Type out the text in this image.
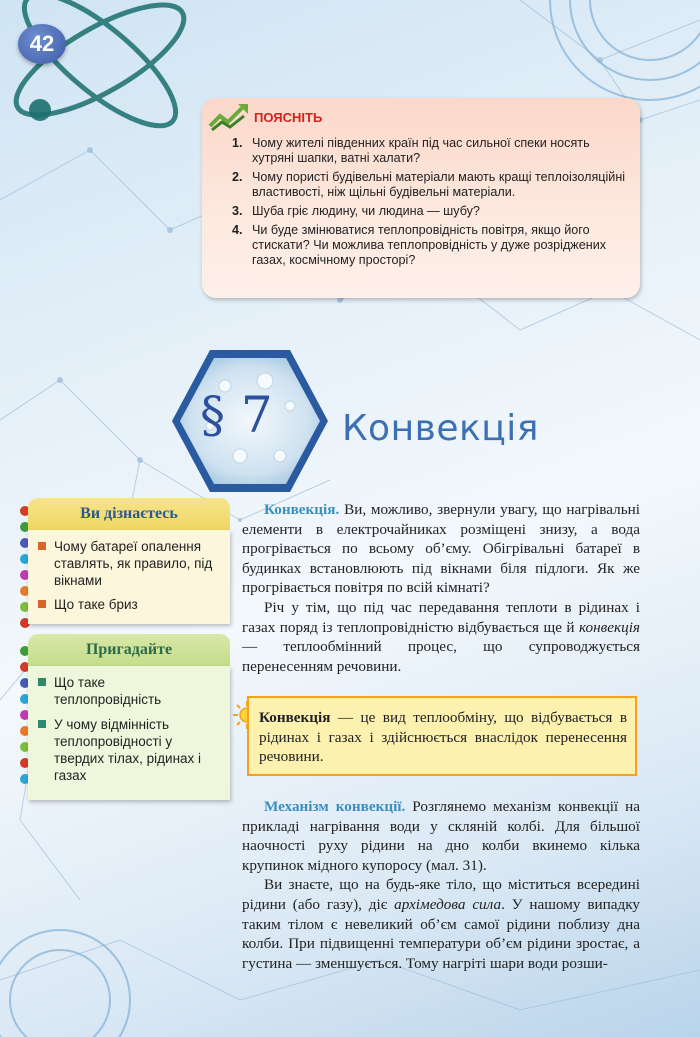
42
ПОЯСНІТЬ
1. Чому жителі південних країн під час сильної спеки носять хутряні шапки, ватні халати?
2. Чому пористі будівельні матеріали мають кращі теплоізоляційні властивості, ніж щільні будівельні матеріали.
3. Шуба гріє людину, чи людина — шубу?
4. Чи буде змінюватися теплопровідність повітря, якщо його стискати? Чи можлива теплопровідність у дуже розріджених газах, космічному просторі?
§ 7 Конвекція
Ви дізнаєтесь
Чому батареї опалення ставлять, як правило, під вікнами
Що таке бриз
Пригадайте
Що таке теплопровідність
У чому відмінність теплопровідності у твердих тілах, рідинах і газах

Конвекція. Ви, можливо, звернули увагу, що нагрівальні елементи в електрочайниках розміщені знизу, а вода прогрівається по всьому об’єму. Обігрівальні батареї в будинках встановлюють під вікнами біля підлоги. Як же прогрівається повітря по всій кімнаті?

Річ у тім, що під час передавання теплоти в рідинах і газах поряд із теплопровідністю відбувається ще й конвекція — теплообмінний процес, що супроводжується перенесенням речовини.

Конвекція — це вид теплообміну, що відбувається в рідинах і газах і здійснюється внаслідок перенесення речовини.

Механізм конвекції. Розглянемо механізм конвекції на прикладі нагрівання води у скляній колбі. Для більшої наочності руху рідини на дно колби вкинемо кілька крупинок мідного купоросу (мал. 31).

Ви знаєте, що на будь-яке тіло, що міститься всередині рідини (або газу), діє архімедова сила. У нашому випадку таким тілом є невеликий об’єм самої рідини поблизу дна колби. При підвищенні температури об’єм рідини зростає, а густина — зменшується. Тому нагріті шари води розши-
